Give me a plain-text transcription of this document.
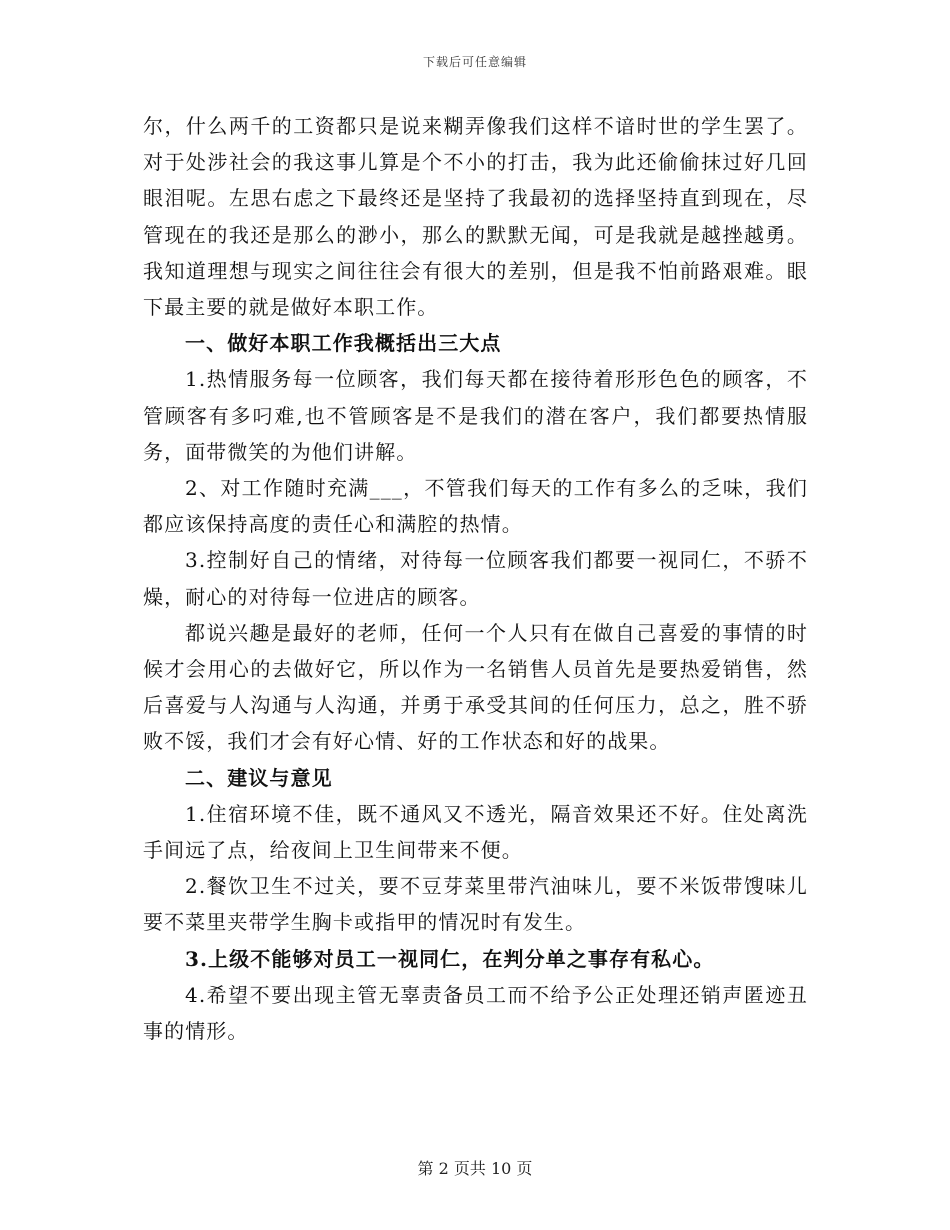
下载后可任意编辑

尔，什么两千的工资都只是说来糊弄像我们这样不谙时世的学生罢了。对于处涉社会的我这事儿算是个不小的打击，我为此还偷偷抹过好几回眼泪呢。左思右虑之下最终还是坚持了我最初的选择坚持直到现在，尽管现在的我还是那么的渺小，那么的默默无闻，可是我就是越挫越勇。我知道理想与现实之间往往会有很大的差别，但是我不怕前路艰难。眼下最主要的就是做好本职工作。

一、做好本职工作我概括出三大点

1.热情服务每一位顾客，我们每天都在接待着形形色色的顾客，不管顾客有多叼难,也不管顾客是不是我们的潜在客户，我们都要热情服务，面带微笑的为他们讲解。

2、对工作随时充满___，不管我们每天的工作有多么的乏味，我们都应该保持高度的责任心和满腔的热情。

3.控制好自己的情绪，对待每一位顾客我们都要一视同仁，不骄不燥，耐心的对待每一位进店的顾客。

都说兴趣是最好的老师，任何一个人只有在做自己喜爱的事情的时候才会用心的去做好它，所以作为一名销售人员首先是要热爱销售，然后喜爱与人沟通与人沟通，并勇于承受其间的任何压力，总之，胜不骄败不馁，我们才会有好心情、好的工作状态和好的战果。

二、建议与意见

1.住宿环境不佳，既不通风又不透光，隔音效果还不好。住处离洗手间远了点，给夜间上卫生间带来不便。

2.餐饮卫生不过关，要不豆芽菜里带汽油味儿，要不米饭带馊味儿要不菜里夹带学生胸卡或指甲的情况时有发生。

3.上级不能够对员工一视同仁，在判分单之事存有私心。

4.希望不要出现主管无辜责备员工而不给予公正处理还销声匿迹丑事的情形。

第 2 页共 10 页
